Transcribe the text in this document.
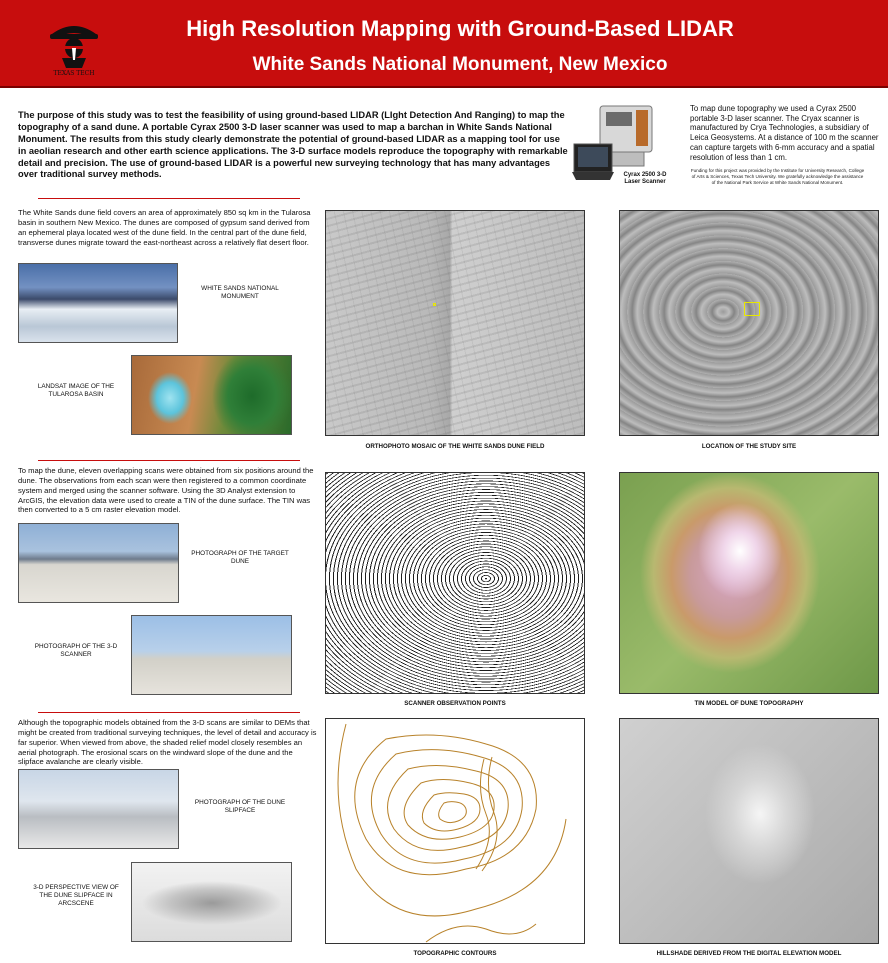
TEXAS TECH
High Resolution Mapping with Ground-Based LIDAR
White Sands National Monument, New Mexico
The purpose of this study was to test the feasibility of using ground-based LIDAR (LIght Detection And Ranging) to map the topography of a sand dune. A portable Cyrax 2500 3-D laser scanner was used to map a barchan in White Sands National Monument. The results from this study clearly demonstrate the potential of ground-based LIDAR as a mapping tool for use in aeolian research and other earth science applications. The 3-D surface models reproduce the topography with remarkable detail and precision. The use of ground-based LIDAR is a powerful new surveying technology that has many advantages over traditional survey methods.	Cyrax 2500 3-D Laser Scanner
To map dune topography we used a Cyrax 2500 portable 3-D laser scanner. The Cryax scanner is manufactured by Crya Technologies, a subsidiary of Leica Geosystems. At a distance of 100 m the scanner can capture targets with 6-mm accuracy and a spatial resolution of less than 1 cm.
Funding for this project was provided by the Institute for University Research, College of Arts & Sciences, Texas Tech University. We gratefully acknowledge the assistance of the National Park Service at White Sands National Monument.
The White Sands dune field covers an area of approximately 850 sq km in the Tularosa basin in southern New Mexico. The dunes are composed of gypsum sand derived from an ephemeral playa located west of the dune field. In the central part of the dune field, transverse dunes migrate toward the east-northeast across a relatively flat desert floor.
WHITE SANDS NATIONAL MONUMENT
LANDSAT IMAGE OF THE TULAROSA BASIN
ORTHOPHOTO MOSAIC OF THE WHITE SANDS DUNE FIELD	LOCATION OF THE STUDY SITE
To map the dune, eleven overlapping scans were obtained from six positions around the dune. The observations from each scan were then registered to a common coordinate system and merged using the scanner software. Using the 3D Analyst extension to ArcGIS, the elevation data were used to create a TIN of the dune surface. The TIN was then converted to a 5 cm raster elevation model.
PHOTOGRAPH OF THE TARGET DUNE
PHOTOGRAPH OF THE 3-D SCANNER
SCANNER OBSERVATION POINTS	TIN MODEL OF DUNE TOPOGRAPHY
Although the topographic models obtained from the 3-D scans are similar to DEMs that might be created from traditional surveying techniques, the level of detail and accuracy is far superior. When viewed from above, the shaded relief model closely resembles an aerial photograph. The erosional scars on the windward slope of the dune and the slipface avalanche are clearly visible.
PHOTOGRAPH OF THE DUNE SLIPFACE
3-D PERSPECTIVE VIEW OF THE DUNE SLIPFACE IN ARCSCENE
TOPOGRAPHIC CONTOURS	HILLSHADE DERIVED FROM THE DIGITAL ELEVATION MODEL
